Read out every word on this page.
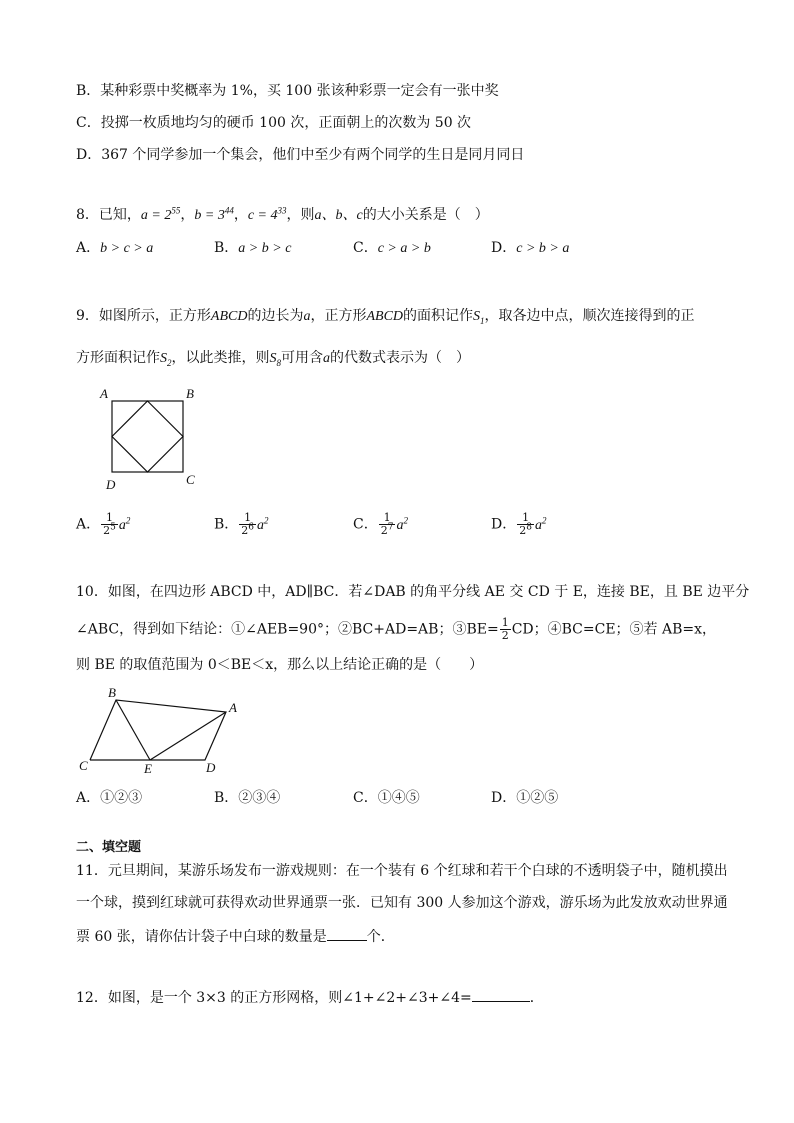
B．某种彩票中奖概率为 1%，买 100 张该种彩票一定会有一张中奖
C．投掷一枚质地均匀的硬币 100 次，正面朝上的次数为 50 次
D．367 个同学参加一个集会，他们中至少有两个同学的生日是同月同日
8．已知，$a = 2^{55}$，$b = 3^{44}$，$c = 4^{33}$，则a、b、c的大小关系是（　）
A．b > c > a	B．a > b > c	C．c > a > b	D．c > b > a
9．如图所示，正方形ABCD的边长为a，正方形ABCD的面积记作$S_1$，取各边中点，顺次连接得到的正
方形面积记作$S_2$，以此类推，则$S_8$可用含a的代数式表示为（　）
A	B
C
D
A． $\frac{1}{2^5} a^2$	B． $\frac{1}{2^6} a^2$	C． $\frac{1}{2^7} a^2$	D． $\frac{1}{2^8} a^2$
10．如图，在四边形 ABCD 中，AD∥BC．若∠DAB 的角平分线 AE 交 CD 于 E，连接 BE，且 BE 边平分
∠ABC，得到如下结论：①∠AEB=90°；②BC+AD=AB；③BE= $\frac{1}{2}$ CD；④BC=CE；⑤若 AB=x，
则 BE 的取值范围为 0＜BE＜x，那么以上结论正确的是（　　）
B
A
C	E	D
A．①②③	B．②③④	C．①④⑤	D．①②⑤
二、填空题
11．元旦期间，某游乐场发布一游戏规则：在一个装有 6 个红球和若干个白球的不透明袋子中，随机摸出
一个球，摸到红球就可获得欢动世界通票一张．已知有 300 人参加这个游戏，游乐场为此发放欢动世界通
票 60 张，请你估计袋子中白球的数量是	个．
12．如图，是一个 3×3 的正方形网格，则∠1+∠2+∠3+∠4=	．
